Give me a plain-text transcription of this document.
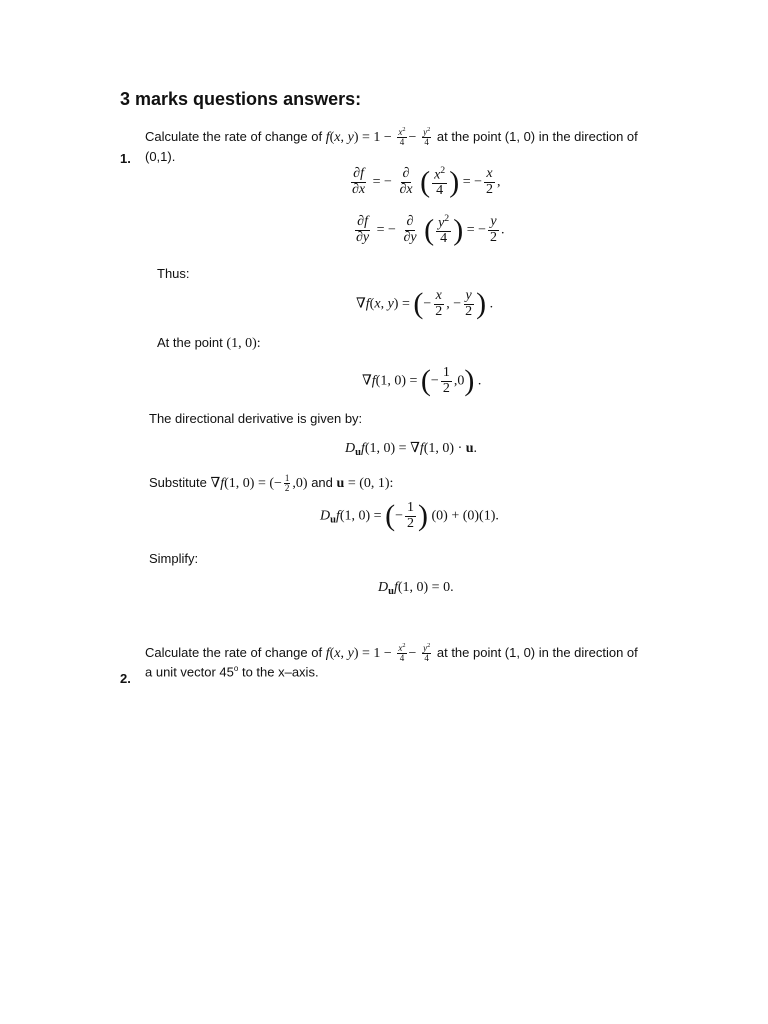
3 marks questions answers:
Calculate the rate of change of f(x, $y) = 1 - \frac{x^2}{4} - \frac{y^2}{4}$ at the point (1, 0) in the direction of
1. (0,1).
$\frac{\partial f}{\partial x}$ = − $\frac{\partial}{\partial x}$ ( $\frac{x^2}{4}$ ) = − $\frac{x}{2}$ ,
$\frac{\partial f}{\partial y}$ = − $\frac{\partial}{\partial y}$ ( $\frac{y^2}{4}$ ) = − $\frac{y}{2}$ .
Thus:
∇f(x, y) = (− $\frac{x}{2}$ , − $\frac{y}{2}$ ) .
At the point (1, 0):
∇f(1, 0) = (− $\frac{1}{2} ,0$) .
The directional derivative is given by:
$D_uf(1$, 0) = ∇f(1, 0) · u.
Substitute ∇f(1, 0) = (− $\frac{1}{2} ,0$) and u = (0, 1):
$D_uf(1$, 0) = (− $\frac{1}{2}$ ) (0) + (0)(1).
Simplify:
$D_uf(1$, 0) = 0.
Calculate the rate of change of f(x, $y) = 1 - \frac{x^2}{4} - \frac{y^2}{4}$ at the point (1, 0) in the direction of
a unit vector 45$^o$ to the x–axis.
2.
